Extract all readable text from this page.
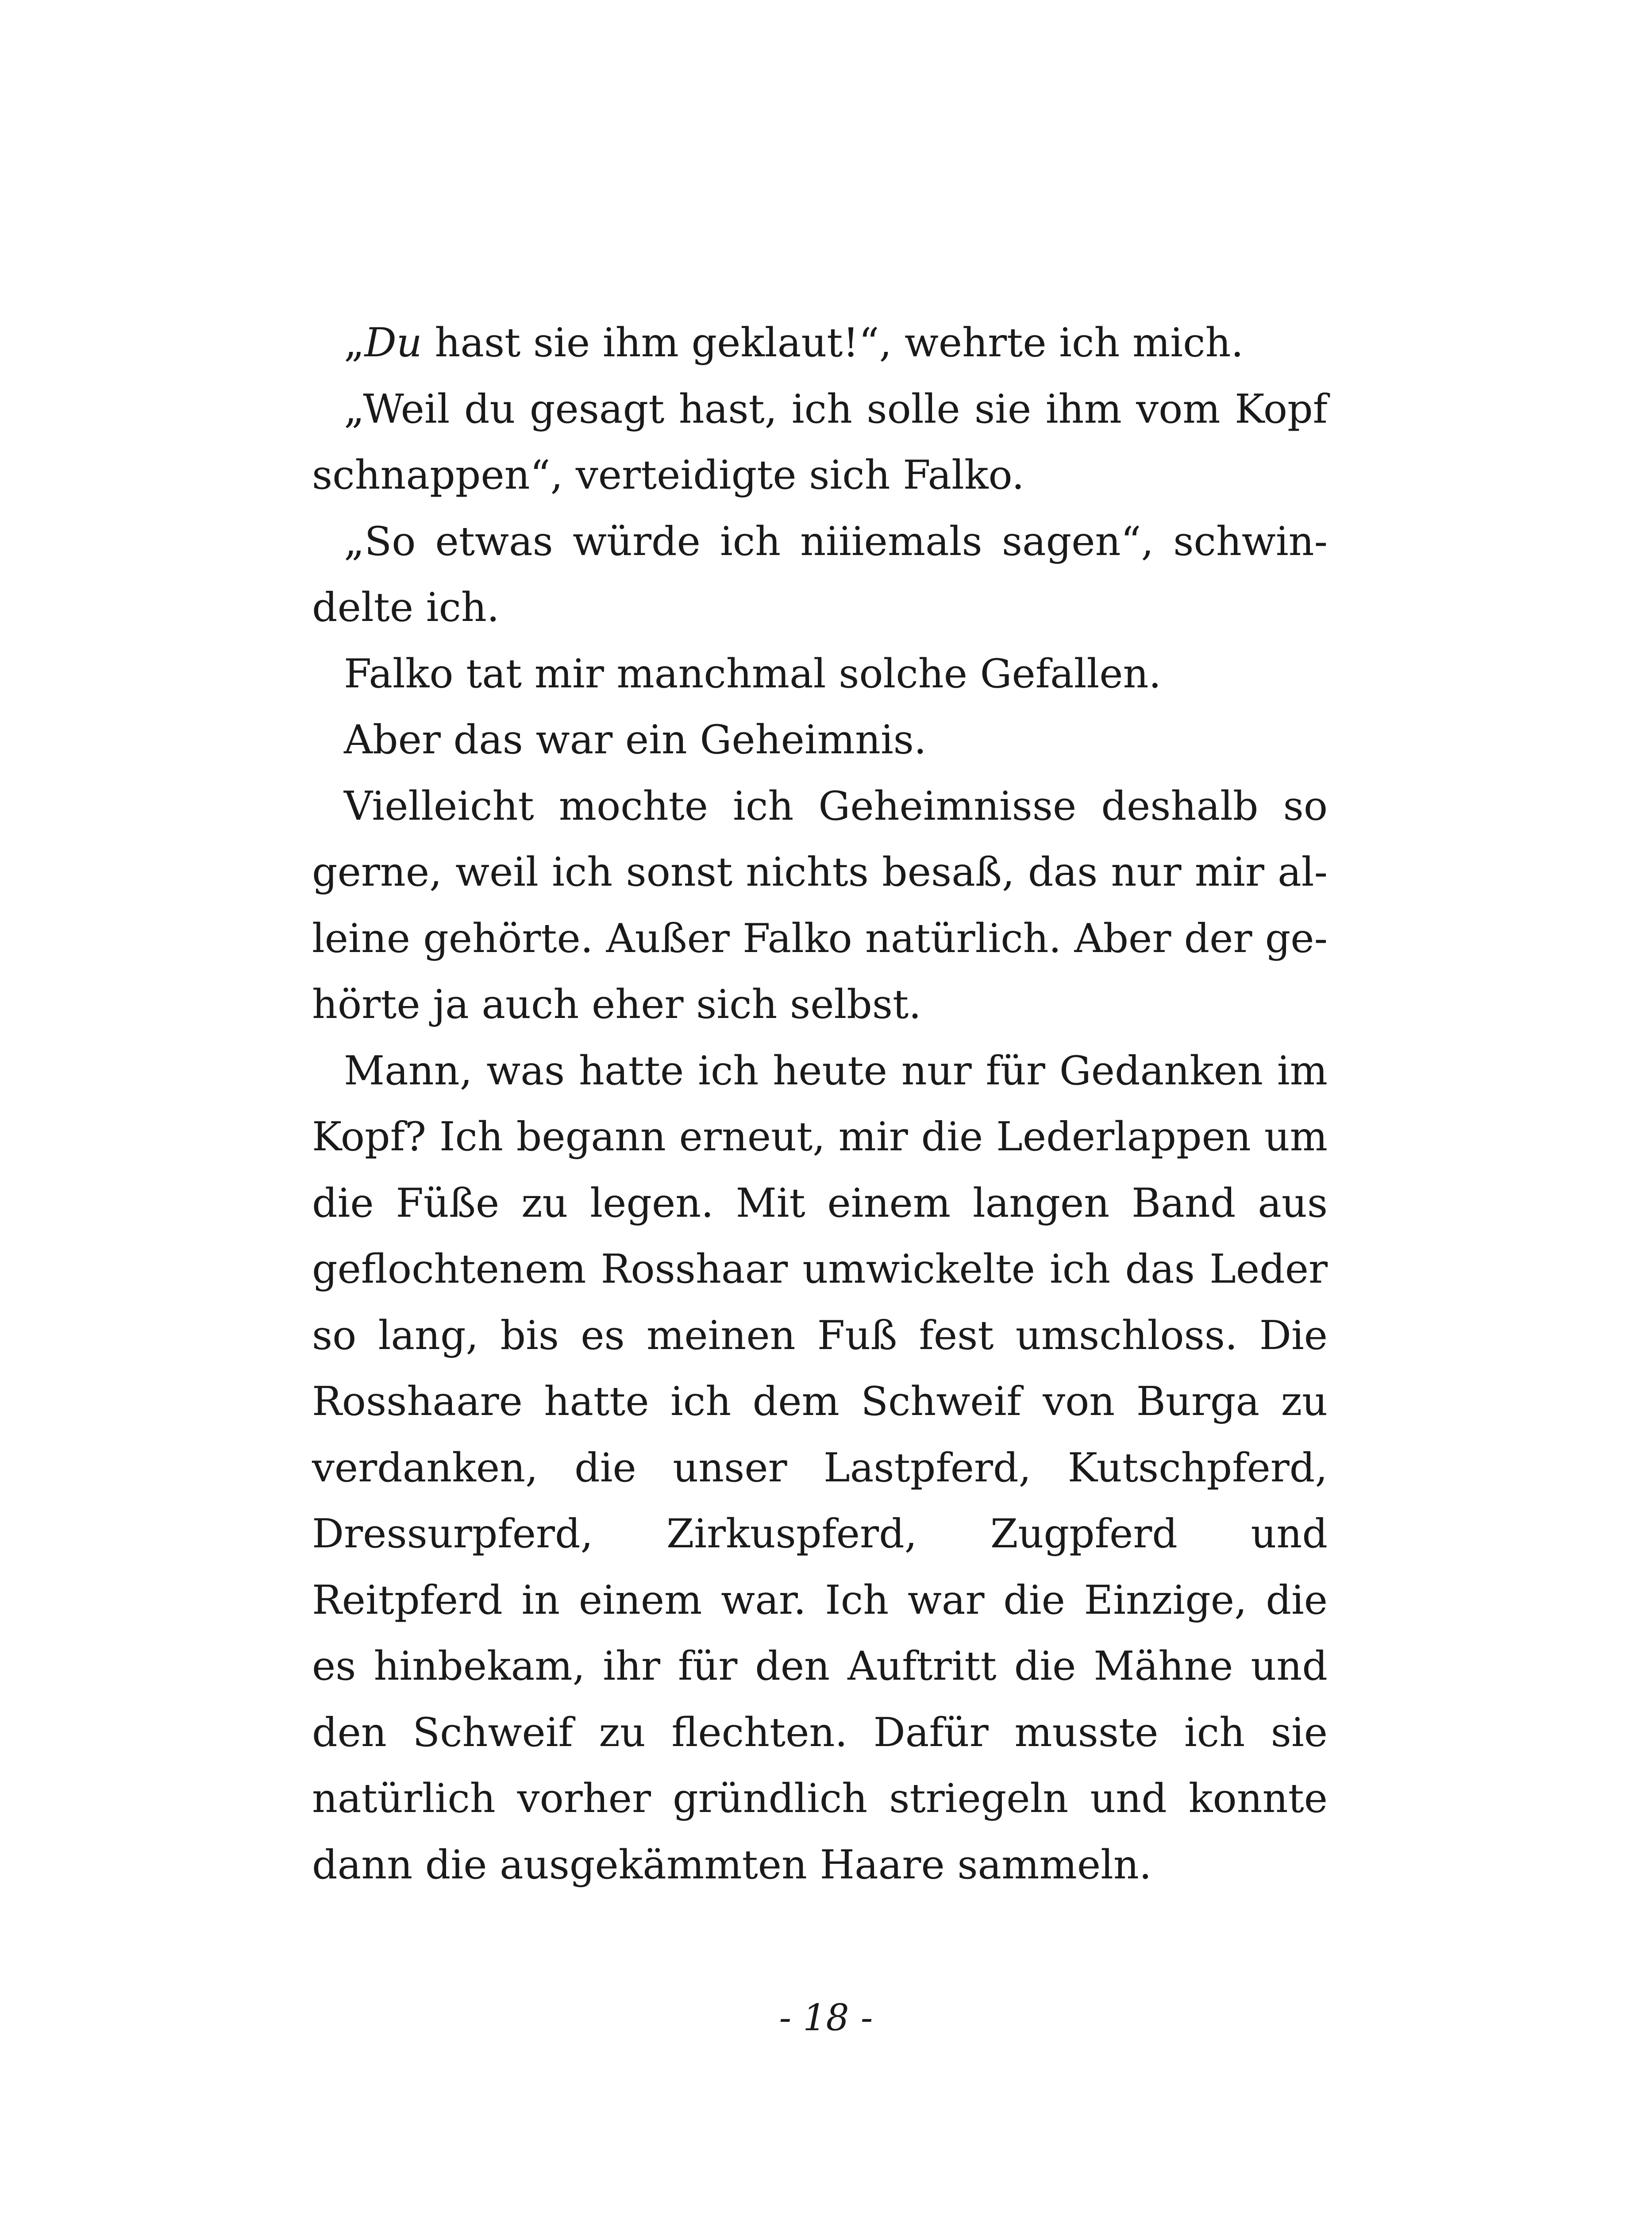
„Du hast sie ihm geklaut!“, wehrte ich mich.

„Weil du gesagt hast, ich solle sie ihm vom Kopf schnappen“, verteidigte sich Falko.

„So etwas würde ich niiiemals sagen“, schwindelte ich.

Falko tat mir manchmal solche Gefallen.

Aber das war ein Geheimnis.

Vielleicht mochte ich Geheimnisse deshalb so gerne, weil ich sonst nichts besaß, das nur mir alleine gehörte. Außer Falko natürlich. Aber der gehörte ja auch eher sich selbst.

Mann, was hatte ich heute nur für Gedanken im Kopf? Ich begann erneut, mir die Lederlappen um die Füße zu legen. Mit einem langen Band aus geflochtenem Rosshaar umwickelte ich das Leder so lang, bis es meinen Fuß fest umschloss. Die Rosshaare hatte ich dem Schweif von Burga zu verdanken, die unser Lastpferd, Kutschpferd, Dressurpferd, Zirkuspferd, Zugpferd und Reitpferd in einem war. Ich war die Einzige, die es hinbekam, ihr für den Auftritt die Mähne und den Schweif zu flechten. Dafür musste ich sie natürlich vorher gründlich striegeln und konnte dann die ausgekämmten Haare sammeln.

- 18 -
